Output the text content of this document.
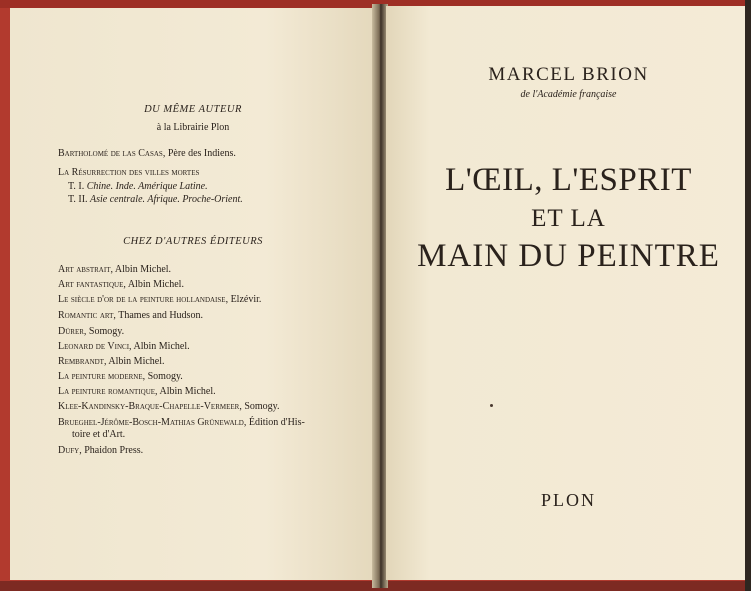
DU MÊME AUTEUR
à la Librairie Plon
Bartholomé de las Casas, Père des Indiens.
La Résurrection des villes mortes
T. I. Chine. Inde. Amérique Latine.
T. II. Asie centrale. Afrique. Proche-Orient.
CHEZ D'AUTRES ÉDITEURS
Art abstrait, Albin Michel.
Art fantastique, Albin Michel.
Le siècle d'or de la peinture hollandaise, Elzévir.
Romantic art, Thames and Hudson.
Dürer, Somogy.
Leonard de Vinci, Albin Michel.
Rembrandt, Albin Michel.
La peinture moderne, Somogy.
La peinture romantique, Albin Michel.
Klee-Kandinsky-Braque-Chapelle-Vermeer, Somogy.
Brueghel-Jérôme-Bosch-Mathias Grünewald, Édition d'His-
toire et d'Art.
Dufy, Phaidon Press.
MARCEL BRION
de l'Académie française
L'ŒIL, L'ESPRIT
ET LA
MAIN DU PEINTRE
PLON
